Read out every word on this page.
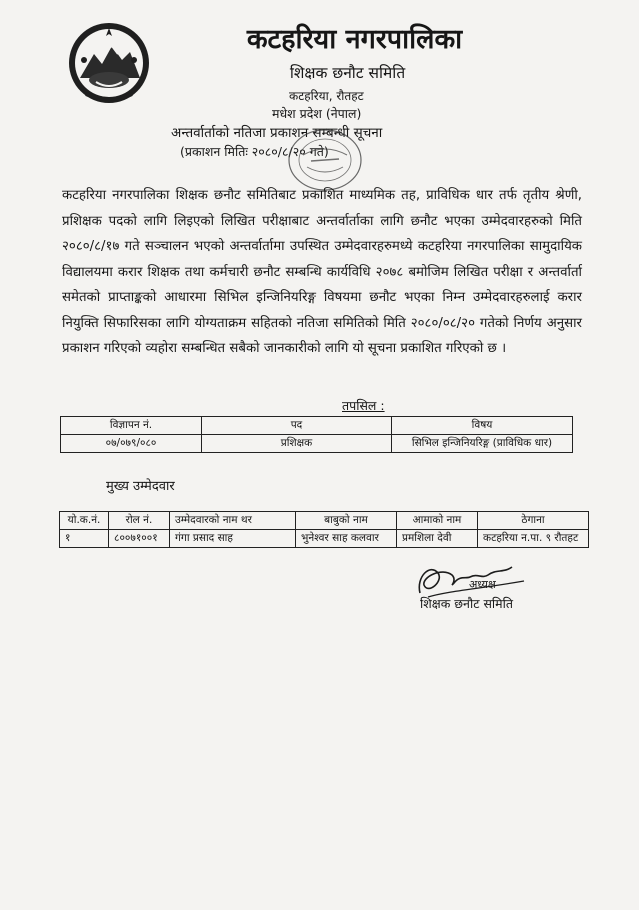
कटहरिया नगरपालिका
शिक्षक छनौट समिति
कटहरिया, रौतहट
मधेश प्रदेश (नेपाल)
अन्तर्वार्ताको नतिजा प्रकाशन सम्बन्धी सूचना
(प्रकाशन मितिः २०८०/८/२० गते)
कटहरिया नगरपालिका शिक्षक छनौट समितिबाट प्रकाशित माध्यमिक तह, प्राविधिक धार तर्फ तृतीय श्रेणी, प्रशिक्षक पदको लागि लिइएको लिखित परीक्षाबाट अन्तर्वार्ताका लागि छनौट भएका उम्मेदवारहरुको मिति २०८०/८/१७ गते सञ्चालन भएको अन्तर्वार्तामा उपस्थित उम्मेदवारहरुमध्ये कटहरिया नगरपालिका सामुदायिक विद्यालयमा करार शिक्षक तथा कर्मचारी छनौट सम्बन्धि कार्यविधि २०७८ बमोजिम लिखित परीक्षा र अन्तर्वार्ता समेतको प्राप्ताङ्कको आधारमा सिभिल इन्जिनियरिङ्ग विषयमा छनौट भएका निम्न उम्मेदवारहरुलाई करार नियुक्ति सिफारिसका लागि योग्यताक्रम सहितको नतिजा समितिको मिति २०८०/०८/२० गतेको निर्णय अनुसार प्रकाशन गरिएको व्यहोरा सम्बन्धित सबैको जानकारीको लागि यो सूचना प्रकाशित गरिएको छ ।
तपसिल :
विज्ञापन नं.	पद	विषय
०७/०७९/०८०	प्रशिक्षक	सिभिल इन्जिनियरिङ्ग (प्राविधिक धार)
मुख्य उम्मेदवार
यो.क.नं.	रोल नं.	उम्मेदवारको नाम थर	बाबुको नाम	आमाको नाम	ठेगाना
१	८००७१००१	गंगा प्रसाद साह	भुनेश्वर साह कलवार	प्रमशिला देवी	कटहरिया न.पा. ९ रौतहट
अध्यक्ष
शिक्षक छनौट समिति
